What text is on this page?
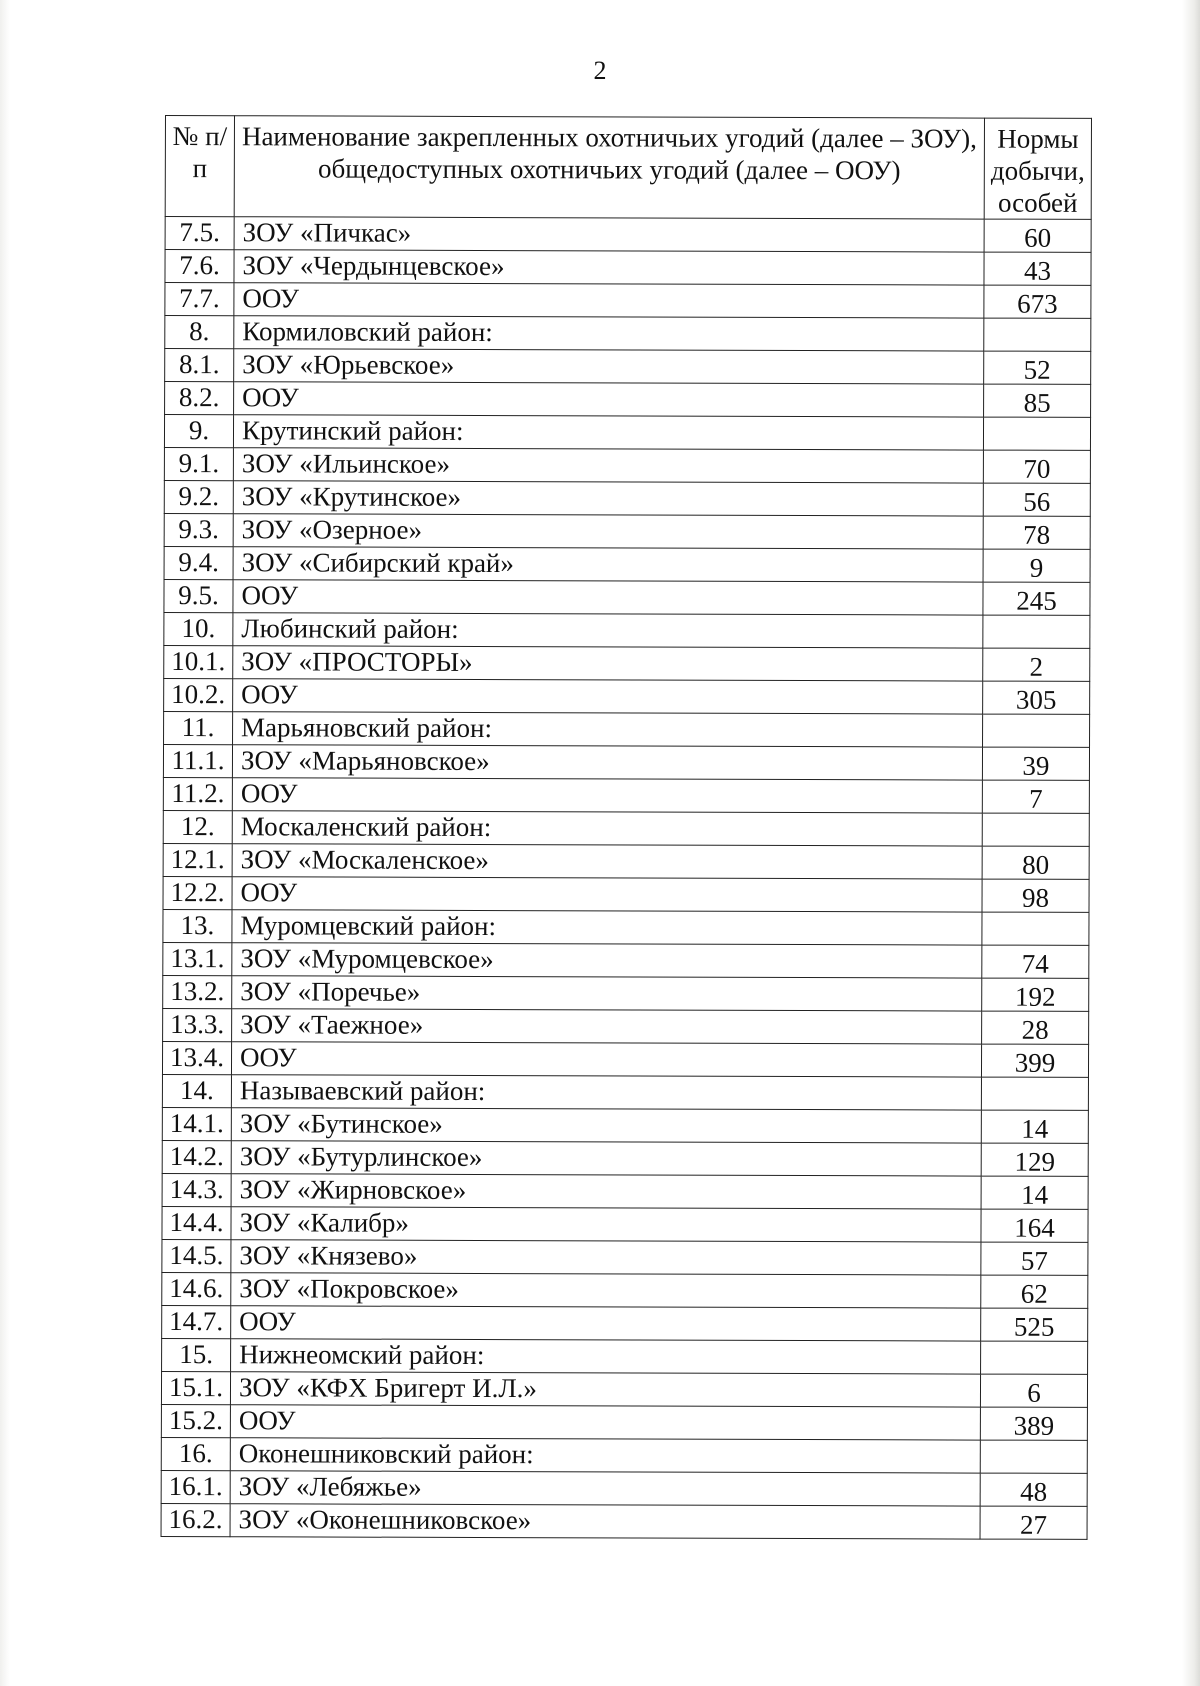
2
№ п/п	Наименование закрепленных охотничьих угодий (далее – ЗОУ), общедоступных охотничьих угодий (далее – ООУ)	Нормы добычи, особей
7.5.	ЗОУ «Пичкас»	60
7.6.	ЗОУ «Чердынцевское»	43
7.7.	ООУ	673
8.	Кормиловский район:	
8.1.	ЗОУ «Юрьевское»	52
8.2.	ООУ	85
9.	Крутинский район:	
9.1.	ЗОУ «Ильинское»	70
9.2.	ЗОУ «Крутинское»	56
9.3.	ЗОУ «Озерное»	78
9.4.	ЗОУ «Сибирский край»	9
9.5.	ООУ	245
10.	Любинский район:	
10.1.	ЗОУ «ПРОСТОРЫ»	2
10.2.	ООУ	305
11.	Марьяновский район:	
11.1.	ЗОУ «Марьяновское»	39
11.2.	ООУ	7
12.	Москаленский район:	
12.1.	ЗОУ «Москаленское»	80
12.2.	ООУ	98
13.	Муромцевский район:	
13.1.	ЗОУ «Муромцевское»	74
13.2.	ЗОУ «Поречье»	192
13.3.	ЗОУ «Таежное»	28
13.4.	ООУ	399
14.	Называевский район:	
14.1.	ЗОУ «Бутинское»	14
14.2.	ЗОУ «Бутурлинское»	129
14.3.	ЗОУ «Жирновское»	14
14.4.	ЗОУ «Калибр»	164
14.5.	ЗОУ «Князево»	57
14.6.	ЗОУ «Покровское»	62
14.7.	ООУ	525
15.	Нижнеомский район:	
15.1.	ЗОУ «КФХ Бригерт И.Л.»	6
15.2.	ООУ	389
16.	Оконешниковский район:	
16.1.	ЗОУ «Лебяжье»	48
16.2.	ЗОУ «Оконешниковское»	27
